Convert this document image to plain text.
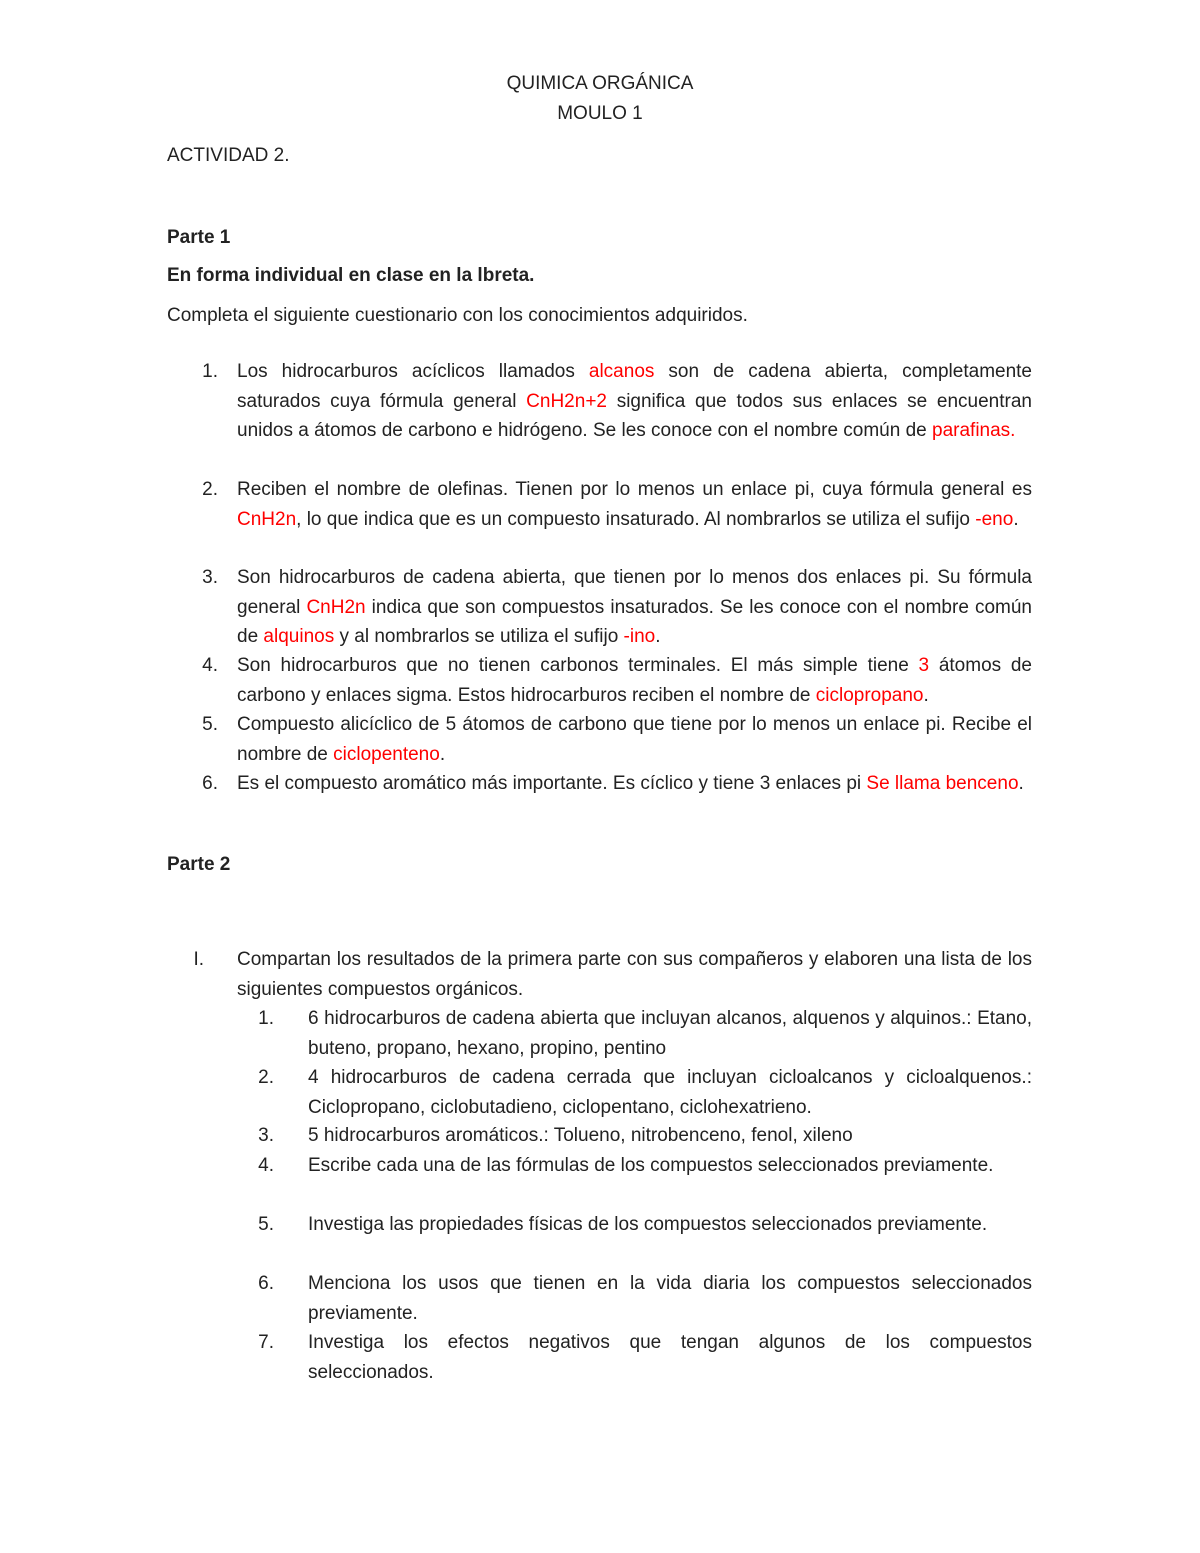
QUIMICA ORGÁNICA
MOULO 1
ACTIVIDAD 2.
Parte 1
En forma individual en clase en la lbreta.
Completa el siguiente cuestionario con los conocimientos adquiridos.
1. Los hidrocarburos acíclicos llamados alcanos son de cadena abierta, completamente saturados cuya fórmula general CnH2n+2 significa que todos sus enlaces se encuentran unidos a átomos de carbono e hidrógeno. Se les conoce con el nombre común de parafinas.
2. Reciben el nombre de olefinas. Tienen por lo menos un enlace pi, cuya fórmula general es CnH2n, lo que indica que es un compuesto insaturado. Al nombrarlos se utiliza el sufijo -eno.
3. Son hidrocarburos de cadena abierta, que tienen por lo menos dos enlaces pi. Su fórmula general CnH2n indica que son compuestos insaturados. Se les conoce con el nombre común de alquinos y al nombrarlos se utiliza el sufijo -ino.
4. Son hidrocarburos que no tienen carbonos terminales. El más simple tiene 3 átomos de carbono y enlaces sigma. Estos hidrocarburos reciben el nombre de ciclopropano.
5. Compuesto alicíclico de 5 átomos de carbono que tiene por lo menos un enlace pi. Recibe el nombre de ciclopenteno.
6. Es el compuesto aromático más importante. Es cíclico y tiene 3 enlaces pi Se llama benceno.
Parte 2
I. Compartan los resultados de la primera parte con sus compañeros y elaboren una lista de los siguientes compuestos orgánicos.
1. 6 hidrocarburos de cadena abierta que incluyan alcanos, alquenos y alquinos.: Etano, buteno, propano, hexano, propino, pentino
2. 4 hidrocarburos de cadena cerrada que incluyan cicloalcanos y cicloalquenos.: Ciclopropano, ciclobutadieno, ciclopentano, ciclohexatrieno.
3. 5 hidrocarburos aromáticos.: Tolueno, nitrobenceno, fenol, xileno
4. Escribe cada una de las fórmulas de los compuestos seleccionados previamente.
5. Investiga las propiedades físicas de los compuestos seleccionados previamente.
6. Menciona los usos que tienen en la vida diaria los compuestos seleccionados previamente.
7. Investiga los efectos negativos que tengan algunos de los compuestos seleccionados.
